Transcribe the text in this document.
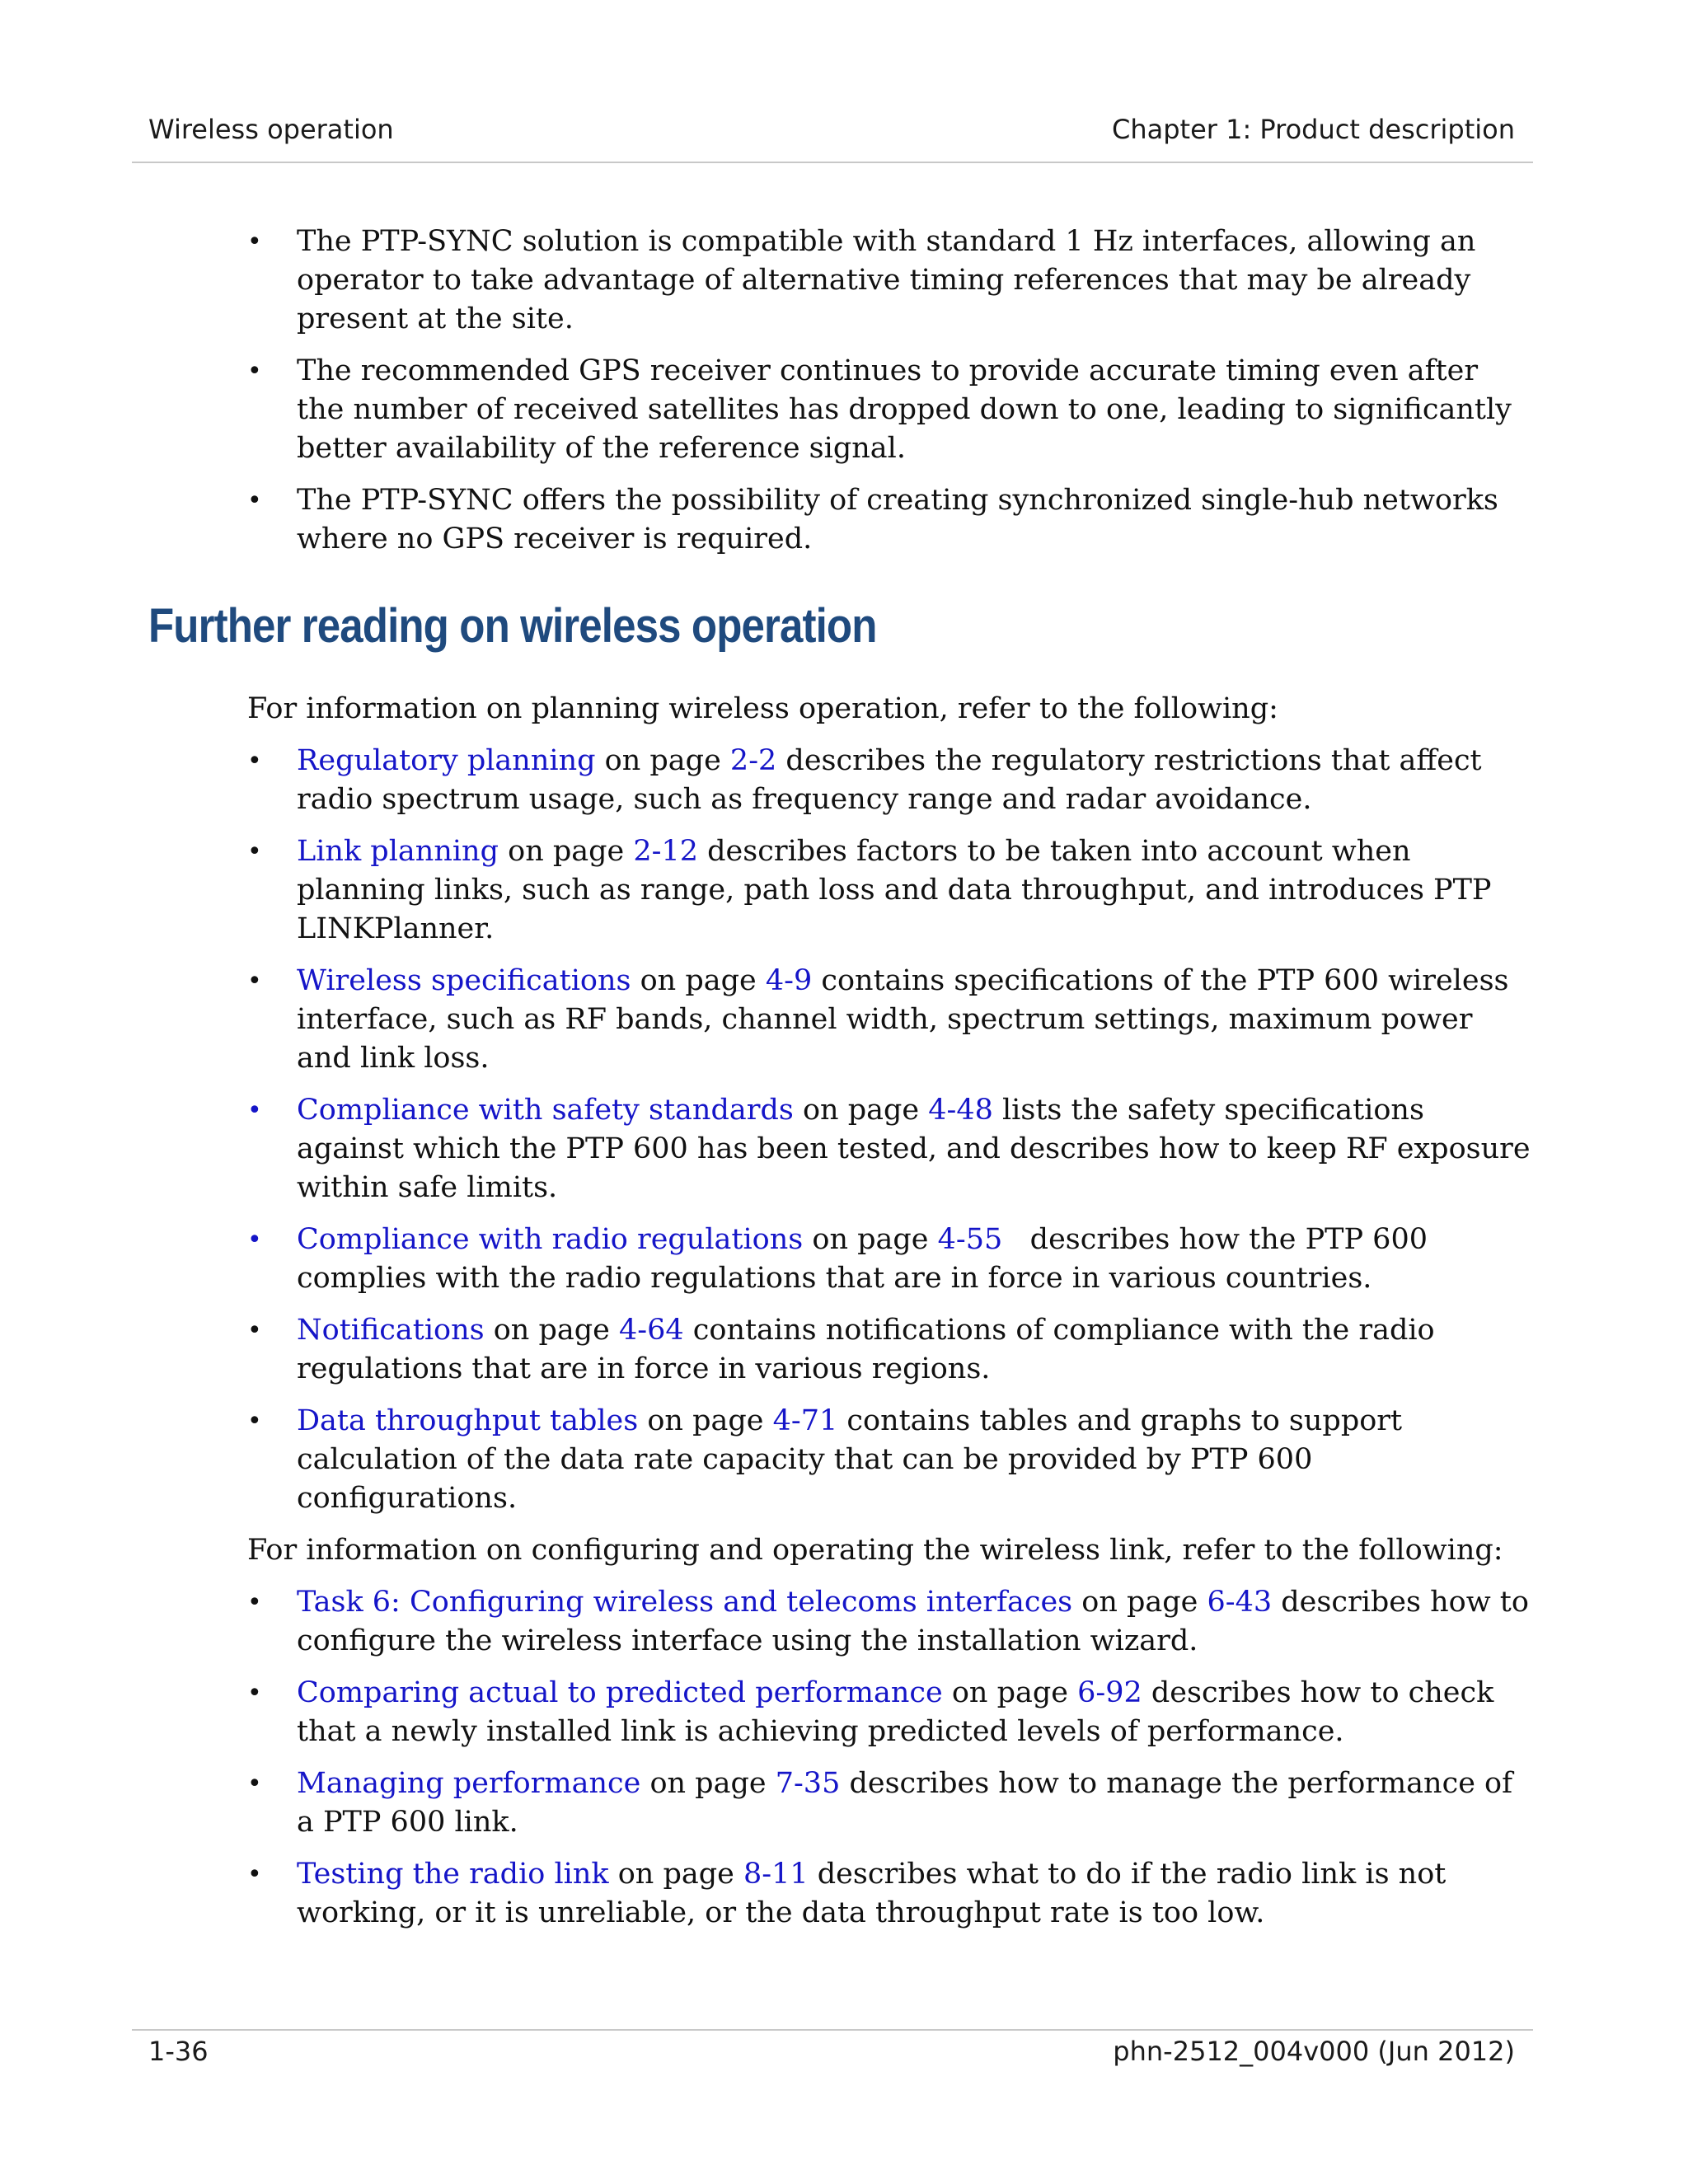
Wireless operation	Chapter 1: Product description
• The PTP-SYNC solution is compatible with standard 1 Hz interfaces, allowing an operator to take advantage of alternative timing references that may be already present at the site.
• The recommended GPS receiver continues to provide accurate timing even after the number of received satellites has dropped down to one, leading to significantly better availability of the reference signal.
• The PTP-SYNC offers the possibility of creating synchronized single-hub networks where no GPS receiver is required.
Further reading on wireless operation

For information on planning wireless operation, refer to the following:

• Regulatory planning on page 2-2 describes the regulatory restrictions that affect radio spectrum usage, such as frequency range and radar avoidance.
• Link planning on page 2-12 describes factors to be taken into account when planning links, such as range, path loss and data throughput, and introduces PTP LINKPlanner.
• Wireless specifications on page 4-9 contains specifications of the PTP 600 wireless interface, such as RF bands, channel width, spectrum settings, maximum power and link loss.
• Compliance with safety standards on page 4-48 lists the safety specifications against which the PTP 600 has been tested, and describes how to keep RF exposure within safe limits.
• Compliance with radio regulations on page 4-55   describes how the PTP 600 complies with the radio regulations that are in force in various countries.
• Notifications on page 4-64 contains notifications of compliance with the radio regulations that are in force in various regions.
• Data throughput tables on page 4-71 contains tables and graphs to support calculation of the data rate capacity that can be provided by PTP 600 configurations.

For information on configuring and operating the wireless link, refer to the following:

• Task 6: Configuring wireless and telecoms interfaces on page 6-43 describes how to configure the wireless interface using the installation wizard.
• Comparing actual to predicted performance on page 6-92 describes how to check that a newly installed link is achieving predicted levels of performance.
• Managing performance on page 7-35 describes how to manage the performance of a PTP 600 link.
• Testing the radio link on page 8-11 describes what to do if the radio link is not working, or it is unreliable, or the data throughput rate is too low.
1-36	phn-2512_004v000 (Jun 2012)
